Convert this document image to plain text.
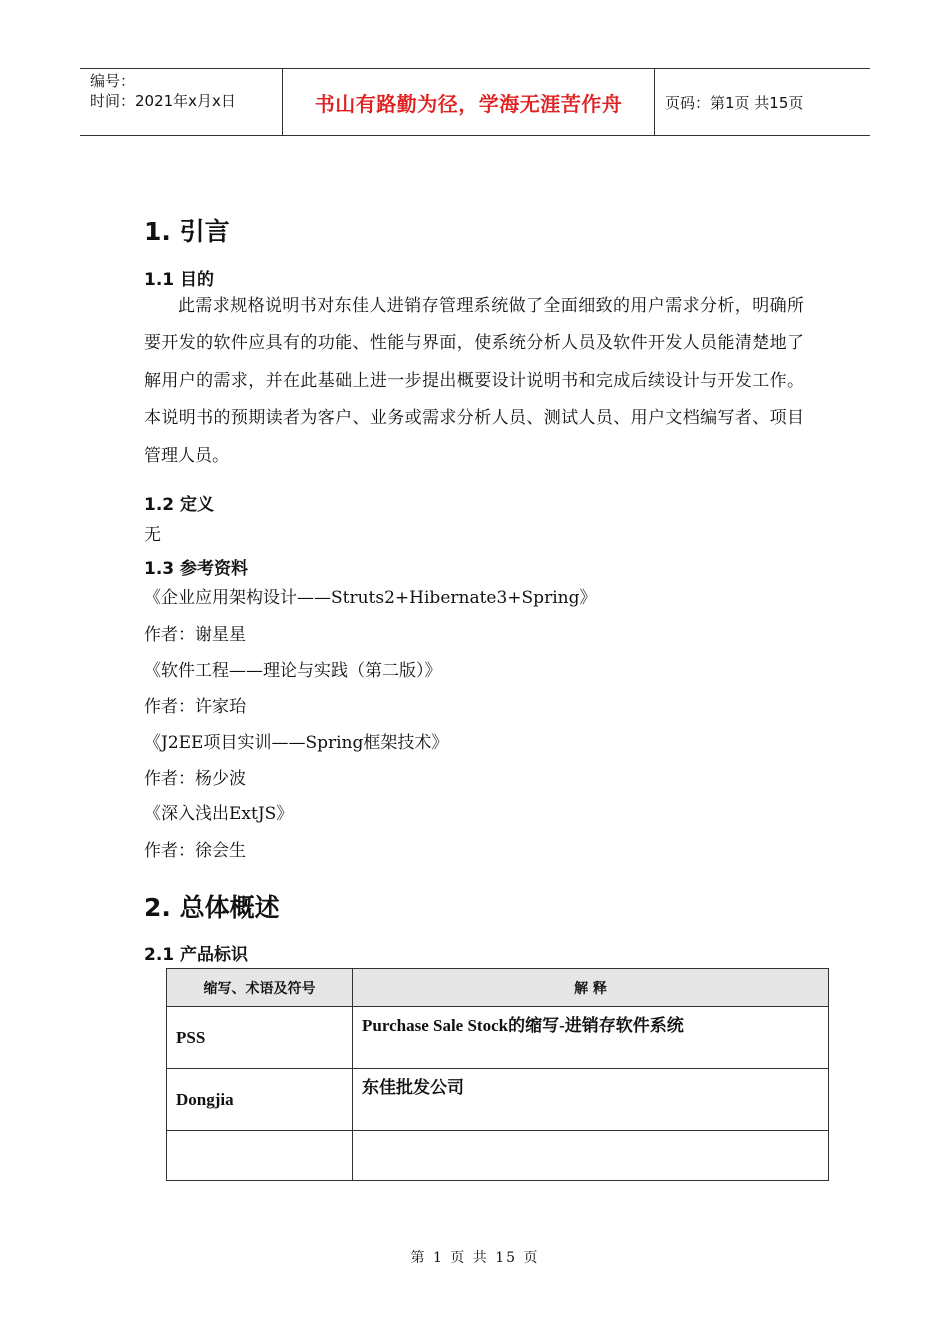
编号：
时间：2021年x月x日	书山有路勤为径，学海无涯苦作舟	页码：第1页 共15页
1. 引言
1.1 目的
此需求规格说明书对东佳人进销存管理系统做了全面细致的用户需求分析，明确所要开发的软件应具有的功能、性能与界面，使系统分析人员及软件开发人员能清楚地了解用户的需求，并在此基础上进一步提出概要设计说明书和完成后续设计与开发工作。本说明书的预期读者为客户、业务或需求分析人员、测试人员、用户文档编写者、项目管理人员。
1.2 定义
无
1.3 参考资料
《企业应用架构设计——Struts2+Hibernate3+Spring》
作者：谢星星
《软件工程——理论与实践（第二版）》
作者：许家珆
《J2EE项目实训——Spring框架技术》
作者：杨少波
《深入浅出ExtJS》
作者：徐会生
2. 总体概述
2.1 产品标识
缩写、术语及符号	解 释
PSS	Purchase Sale Stock的缩写-进销存软件系统
Dongjia	东佳批发公司

第 1 页 共 15 页
